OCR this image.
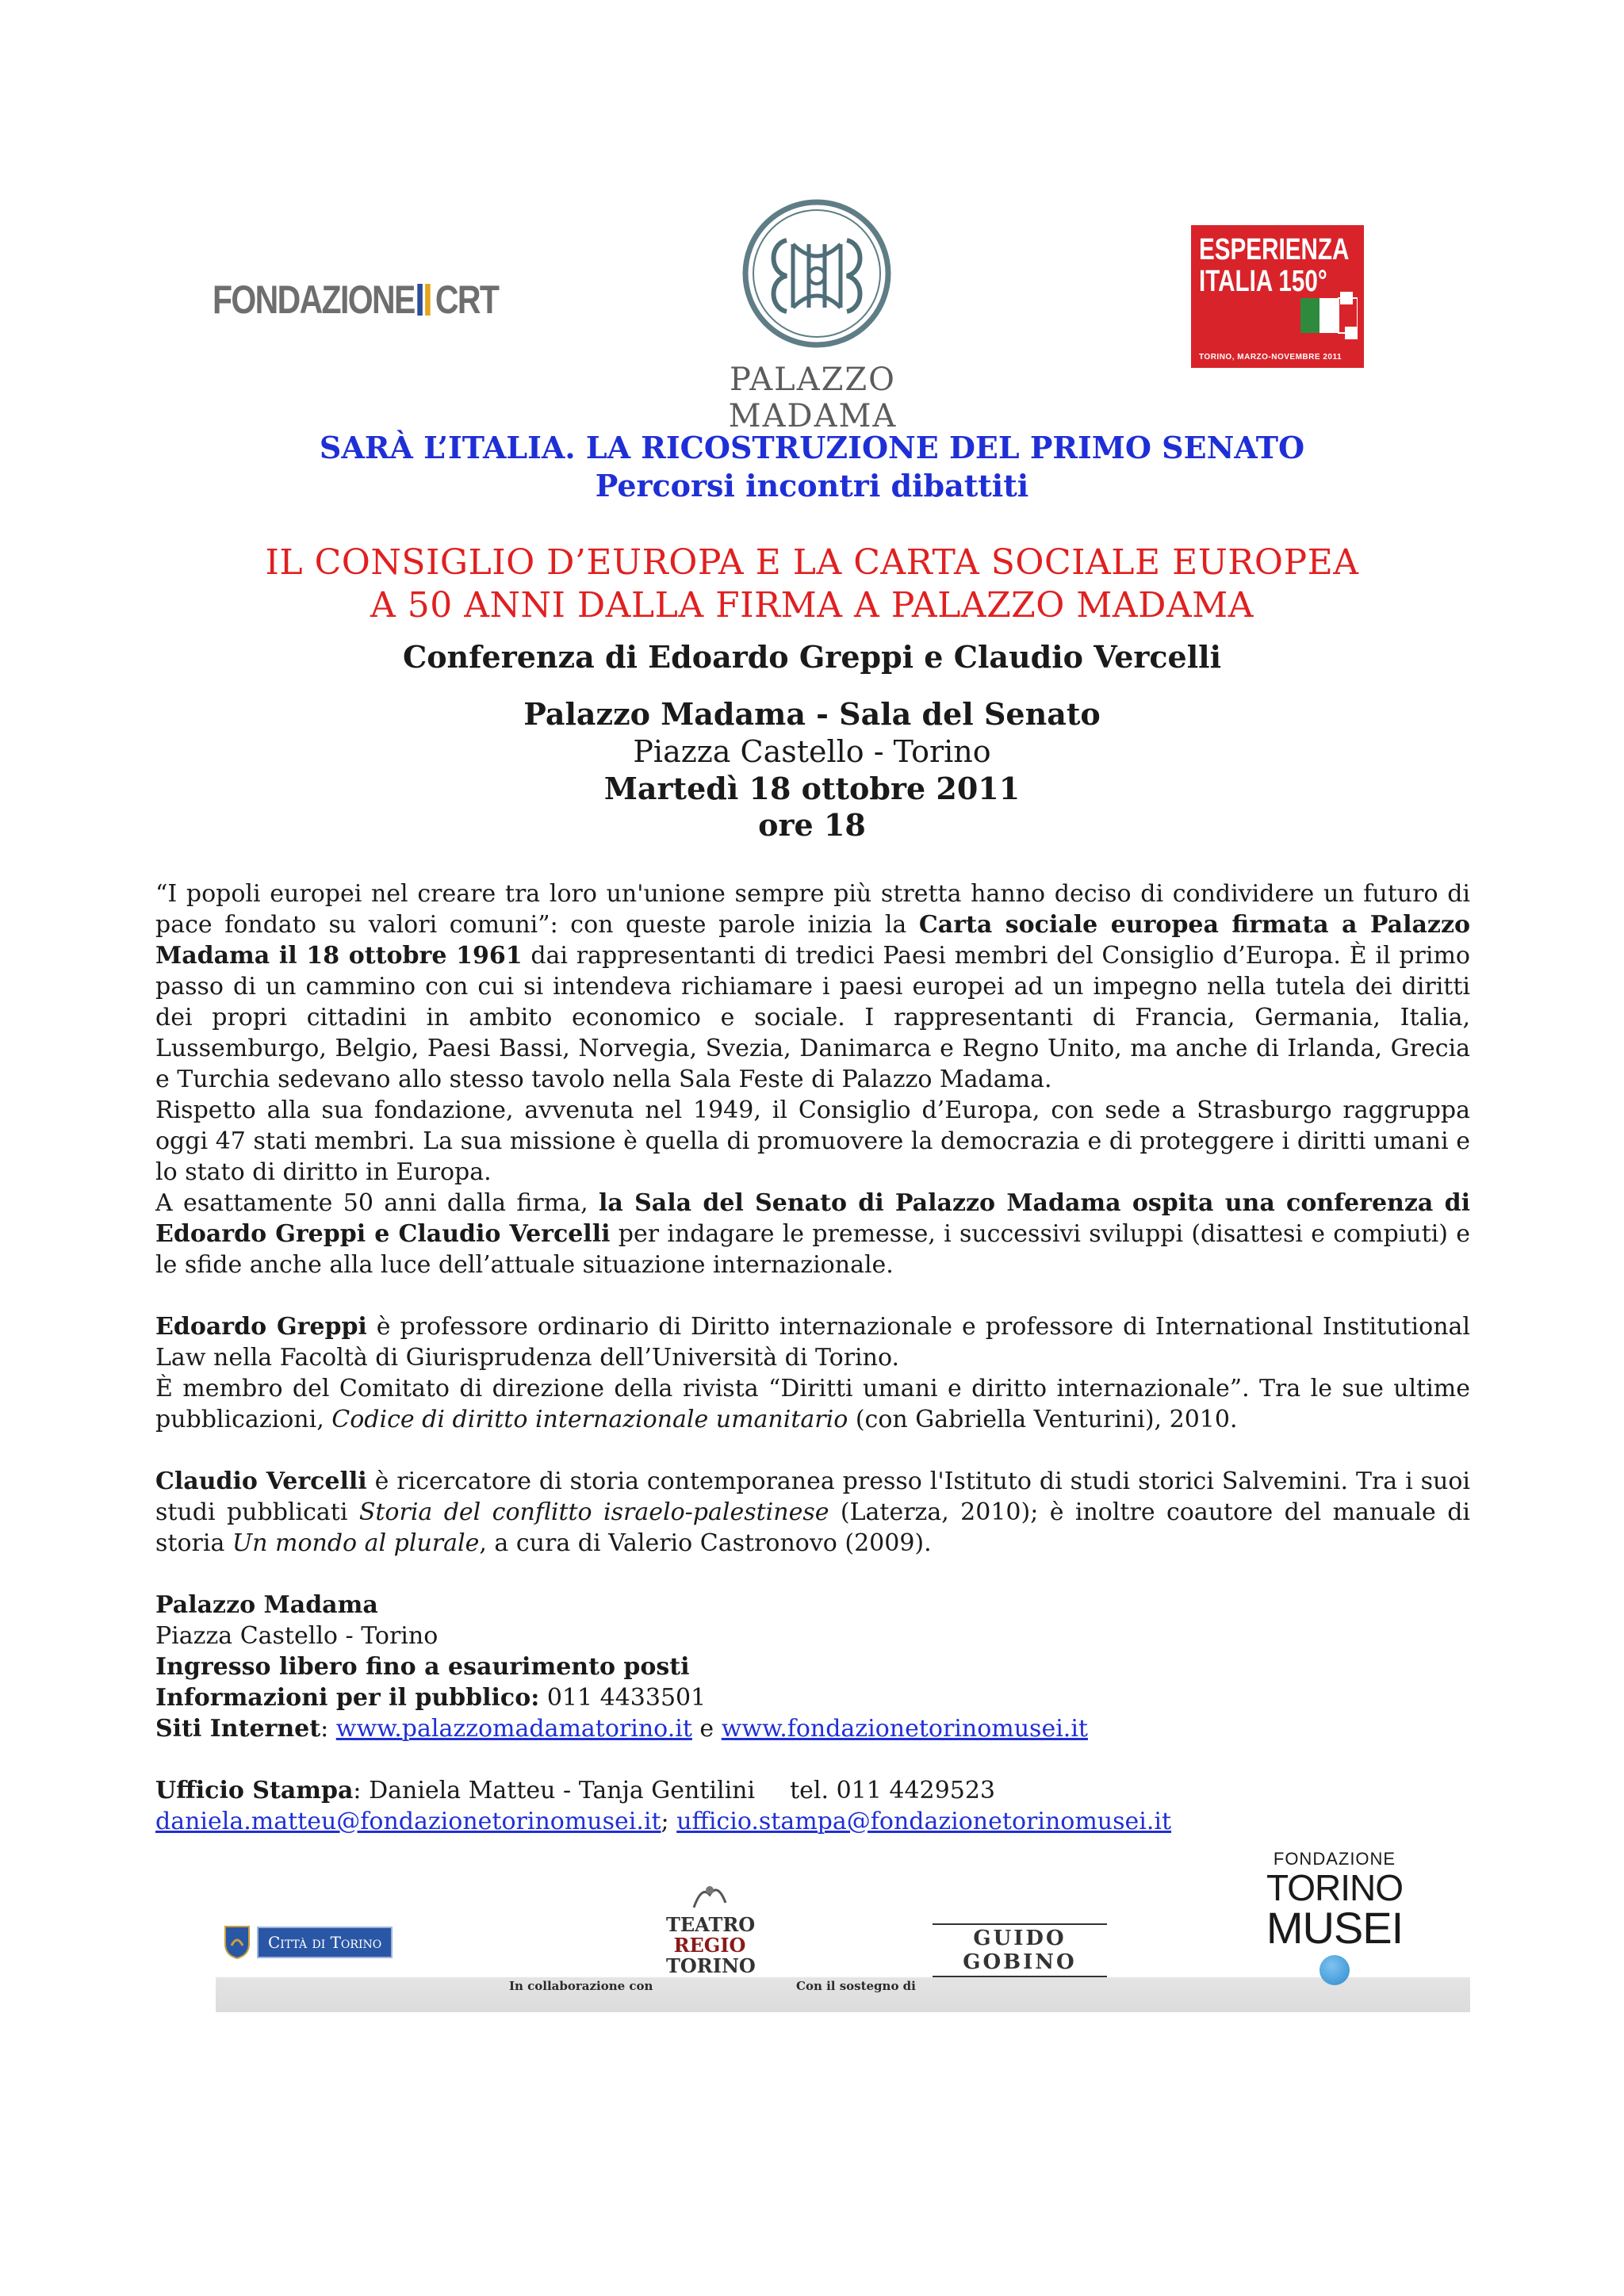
FONDAZIONE CRT
PALAZZO MADAMA
ESPERIENZA
ITALIA 150°
TORINO, MARZO-NOVEMBRE 2011
SARÀ L’ITALIA. LA RICOSTRUZIONE DEL PRIMO SENATO
Percorsi incontri dibattiti
IL CONSIGLIO D’EUROPA E LA CARTA SOCIALE EUROPEA
A 50 ANNI DALLA FIRMA A PALAZZO MADAMA
Conferenza di Edoardo Greppi e Claudio Vercelli
Palazzo Madama - Sala del Senato
Piazza Castello - Torino
Martedì 18 ottobre 2011
ore 18

“I popoli europei nel creare tra loro un'unione sempre più stretta hanno deciso di condividere un futuro di pace fondato su valori comuni”: con queste parole inizia la Carta sociale europea firmata a Palazzo Madama il 18 ottobre 1961 dai rappresentanti di tredici Paesi membri del Consiglio d’Europa. È il primo passo di un cammino con cui si intendeva richiamare i paesi europei ad un impegno nella tutela dei diritti dei propri cittadini in ambito economico e sociale. I rappresentanti di Francia, Germania, Italia, Lussemburgo, Belgio, Paesi Bassi, Norvegia, Svezia, Danimarca e Regno Unito, ma anche di Irlanda, Grecia e Turchia sedevano allo stesso tavolo nella Sala Feste di Palazzo Madama.

Rispetto alla sua fondazione, avvenuta nel 1949, il Consiglio d’Europa, con sede a Strasburgo raggruppa oggi 47 stati membri. La sua missione è quella di promuovere la democrazia e di proteggere i diritti umani e lo stato di diritto in Europa.

A esattamente 50 anni dalla firma, la Sala del Senato di Palazzo Madama ospita una conferenza di Edoardo Greppi e Claudio Vercelli per indagare le premesse, i successivi sviluppi (disattesi e compiuti) e le sfide anche alla luce dell’attuale situazione internazionale.

Edoardo Greppi è professore ordinario di Diritto internazionale e professore di International Institutional Law nella Facoltà di Giurisprudenza dell’Università di Torino.

È membro del Comitato di direzione della rivista “Diritti umani e diritto internazionale”. Tra le sue ultime pubblicazioni, Codice di diritto internazionale umanitario (con Gabriella Venturini), 2010.

Claudio Vercelli è ricercatore di storia contemporanea presso l'Istituto di studi storici Salvemini. Tra i suoi studi pubblicati Storia del conflitto israelo-palestinese (Laterza, 2010); è inoltre coautore del manuale di storia Un mondo al plurale, a cura di Valerio Castronovo (2009).

Palazzo Madama

Piazza Castello - Torino

Ingresso libero fino a esaurimento posti

Informazioni per il pubblico: 011 4433501

Siti Internet: www.palazzomadamatorino.it e www.fondazionetorinomusei.it

Ufficio Stampa: Daniela Matteu - Tanja Gentilini tel. 011 4429523

daniela.matteu@fondazionetorinomusei.it; ufficio.stampa@fondazionetorinomusei.it

Città di Torino
In collaborazione con
TEATRO
REGIO
TORINO
Con il sostegno di
GUIDO GOBINO
FONDAZIONE
TORINO
MUSEI
